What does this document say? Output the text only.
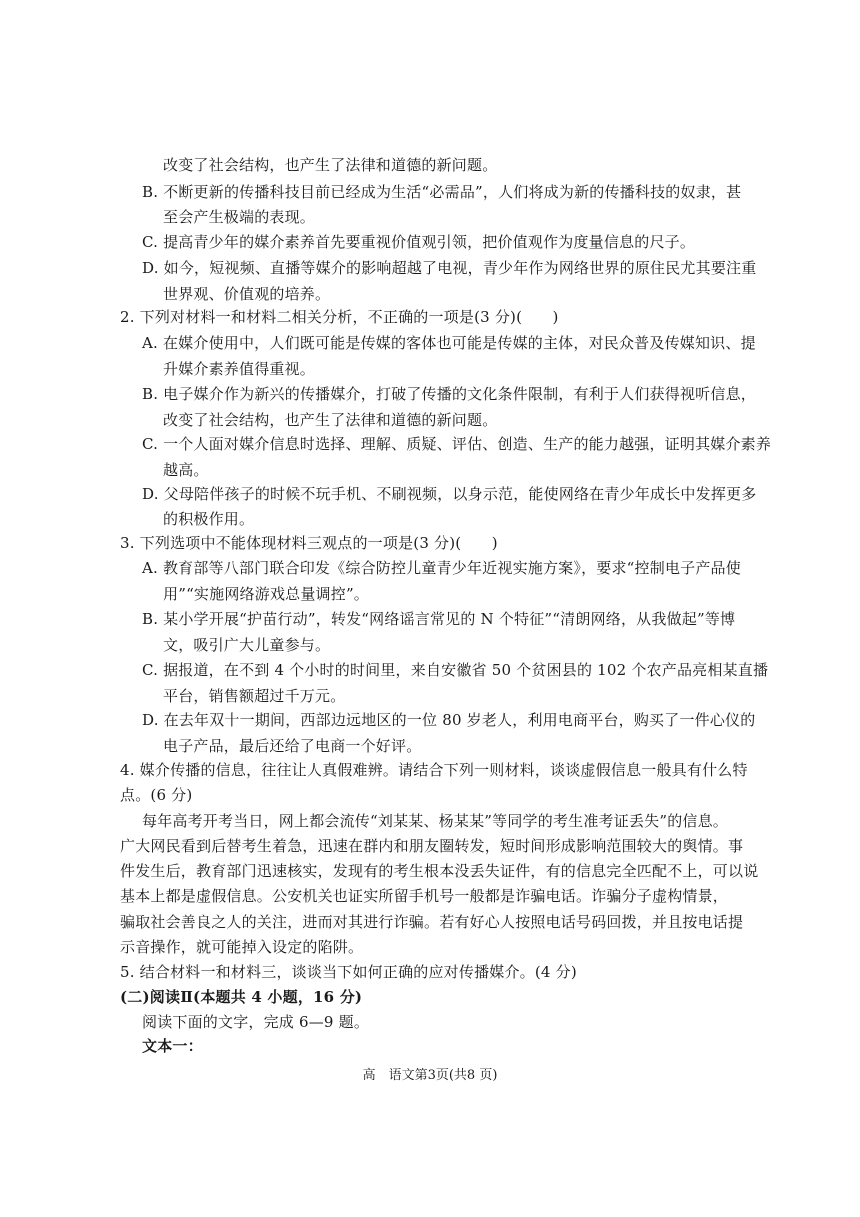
改变了社会结构，也产生了法律和道德的新问题。
B. 不断更新的传播科技目前已经成为生活“必需品”，人们将成为新的传播科技的奴隶，甚
至会产生极端的表现。
C. 提高青少年的媒介素养首先要重视价值观引领，把价值观作为度量信息的尺子。
D. 如今，短视频、直播等媒介的影响超越了电视，青少年作为网络世界的原住民尤其要注重
世界观、价值观的培养。
2. 下列对材料一和材料二相关分析，不正确的一项是(3 分)(　　)
A. 在媒介使用中，人们既可能是传媒的客体也可能是传媒的主体，对民众普及传媒知识、提
升媒介素养值得重视。
B. 电子媒介作为新兴的传播媒介，打破了传播的文化条件限制，有利于人们获得视听信息，
改变了社会结构，也产生了法律和道德的新问题。
C. 一个人面对媒介信息时选择、理解、质疑、评估、创造、生产的能力越强，证明其媒介素养
越高。
D. 父母陪伴孩子的时候不玩手机、不刷视频，以身示范，能使网络在青少年成长中发挥更多
的积极作用。
3. 下列选项中不能体现材料三观点的一项是(3 分)(　　)
A. 教育部等八部门联合印发《综合防控儿童青少年近视实施方案》，要求“控制电子产品使
用”“实施网络游戏总量调控”。
B. 某小学开展“护苗行动”，转发“网络谣言常见的 N 个特征”“清朗网络，从我做起”等博
文，吸引广大儿童参与。
C. 据报道，在不到 4 个小时的时间里，来自安徽省 50 个贫困县的 102 个农产品亮相某直播
平台，销售额超过千万元。
D. 在去年双十一期间，西部边远地区的一位 80 岁老人，利用电商平台，购买了一件心仪的
电子产品，最后还给了电商一个好评。
4. 媒介传播的信息，往往让人真假难辨。请结合下列一则材料，谈谈虚假信息一般具有什么特
点。(6 分)
每年高考开考当日，网上都会流传“刘某某、杨某某”等同学的考生准考证丢失”的信息。
广大网民看到后替考生着急，迅速在群内和朋友圈转发，短时间形成影响范围较大的舆情。事
件发生后，教育部门迅速核实，发现有的考生根本没丢失证件，有的信息完全匹配不上，可以说
基本上都是虚假信息。公安机关也证实所留手机号一般都是诈骗电话。诈骗分子虚构情景，
骗取社会善良之人的关注，进而对其进行诈骗。若有好心人按照电话号码回拨，并且按电话提
示音操作，就可能掉入设定的陷阱。
5. 结合材料一和材料三，谈谈当下如何正确的应对传播媒介。(4 分)
(二)阅读Ⅱ(本题共 4 小题，16 分)
阅读下面的文字，完成 6—9 题。
文本一：
高　语文第3页(共8 页)
